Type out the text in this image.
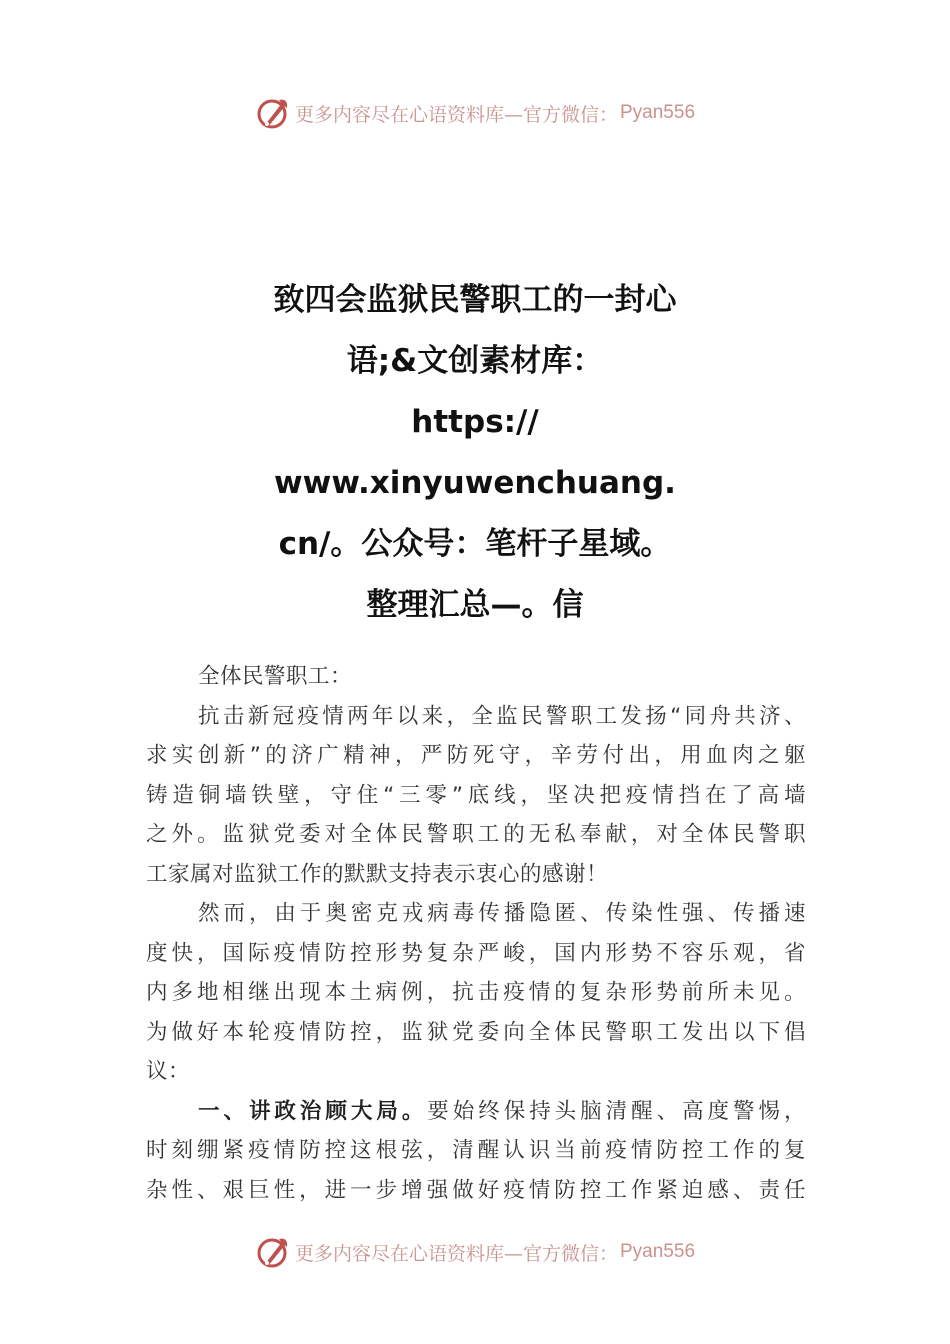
更多内容尽在心语资料库—官方微信： Pyan556
致四会监狱民警职工的一封心
语;&文创素材库：
https://
www.xinyuwenchuang.
cn/。公众号：笔杆子星域。
整理汇总—。信
全体民警职工：
抗击新冠疫情两年以来，全监民警职工发扬“同舟共济、
求实创新”的济广精神，严防死守，辛劳付出，用血肉之躯
铸造铜墙铁壁，守住“三零”底线，坚决把疫情挡在了高墙
之外。监狱党委对全体民警职工的无私奉献，对全体民警职
工家属对监狱工作的默默支持表示衷心的感谢！
然而，由于奥密克戎病毒传播隐匿、传染性强、传播速
度快，国际疫情防控形势复杂严峻，国内形势不容乐观，省
内多地相继出现本土病例，抗击疫情的复杂形势前所未见。
为做好本轮疫情防控，监狱党委向全体民警职工发出以下倡
议：
一、讲政治顾大局。要始终保持头脑清醒、高度警惕，
时刻绷紧疫情防控这根弦，清醒认识当前疫情防控工作的复
杂性、艰巨性，进一步增强做好疫情防控工作紧迫感、责任
更多内容尽在心语资料库—官方微信： Pyan556
